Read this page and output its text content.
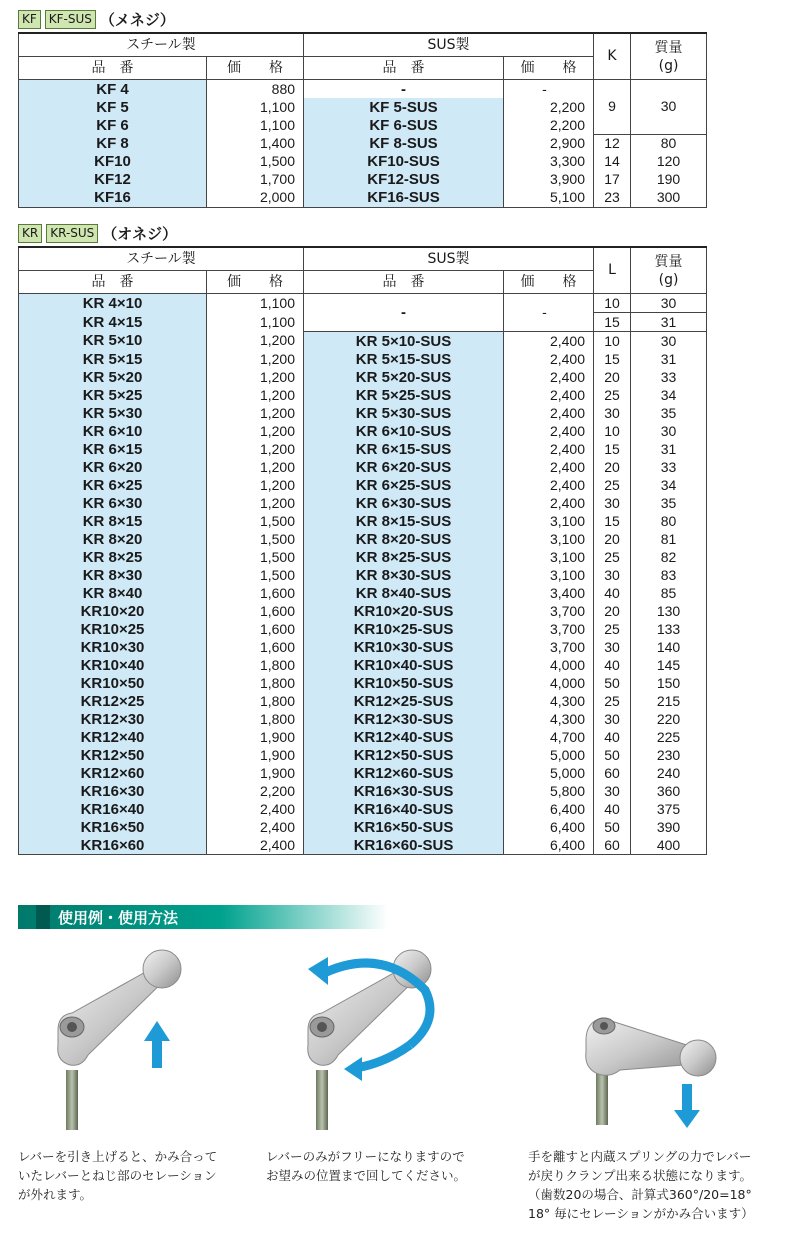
KF	KF-SUS （メネジ）
スチール製		SUS製		K	質量
(g)

品　番	価　　格	品　番	価　　格		
KF 4	880	-	-	9	30
KF 5	1,100	KF 5-SUS	2,200		
KF 6	1,100	KF 6-SUS	2,200		
KF 8	1,400	KF 8-SUS	2,900	12	80
KF10	1,500	KF10-SUS	3,300	14	120
KF12	1,700	KF12-SUS	3,900	17	190
KF16	2,000	KF16-SUS	5,100	23	300
KR	KR-SUS （オネジ）
スチール製		SUS製		L	質量
(g)

品　番	価　　格	品　番	価　　格		
KR 4×10	1,100	-	-	10	30
KR 4×15	1,100			15	31
KR 5×10	1,200	KR 5×10-SUS	2,400	10	30
KR 5×15	1,200	KR 5×15-SUS	2,400	15	31
KR 5×20	1,200	KR 5×20-SUS	2,400	20	33
KR 5×25	1,200	KR 5×25-SUS	2,400	25	34
KR 5×30	1,200	KR 5×30-SUS	2,400	30	35
KR 6×10	1,200	KR 6×10-SUS	2,400	10	30
KR 6×15	1,200	KR 6×15-SUS	2,400	15	31
KR 6×20	1,200	KR 6×20-SUS	2,400	20	33
KR 6×25	1,200	KR 6×25-SUS	2,400	25	34
KR 6×30	1,200	KR 6×30-SUS	2,400	30	35
KR 8×15	1,500	KR 8×15-SUS	3,100	15	80
KR 8×20	1,500	KR 8×20-SUS	3,100	20	81
KR 8×25	1,500	KR 8×25-SUS	3,100	25	82
KR 8×30	1,500	KR 8×30-SUS	3,100	30	83
KR 8×40	1,600	KR 8×40-SUS	3,400	40	85
KR10×20	1,600	KR10×20-SUS	3,700	20	130
KR10×25	1,600	KR10×25-SUS	3,700	25	133
KR10×30	1,600	KR10×30-SUS	3,700	30	140
KR10×40	1,800	KR10×40-SUS	4,000	40	145
KR10×50	1,800	KR10×50-SUS	4,000	50	150
KR12×25	1,800	KR12×25-SUS	4,300	25	215
KR12×30	1,800	KR12×30-SUS	4,300	30	220
KR12×40	1,900	KR12×40-SUS	4,700	40	225
KR12×50	1,900	KR12×50-SUS	5,000	50	230
KR12×60	1,900	KR12×60-SUS	5,000	60	240
KR16×30	2,200	KR16×30-SUS	5,800	30	360
KR16×40	2,400	KR16×40-SUS	6,400	40	375
KR16×50	2,400	KR16×50-SUS	6,400	50	390
KR16×60	2,400	KR16×60-SUS	6,400	60	400
使用例・使用方法
レバーを引き上げると、かみ合って
いたレバーとねじ部のセレーション
が外れます。
レバーのみがフリーになりますので
お望みの位置まで回してください。
手を離すと内蔵スプリングの力でレバー
が戻りクランプ出来る状態になります。
（歯数20の場合、計算式360°/20=18°
18° 毎にセレーションがかみ合います）
